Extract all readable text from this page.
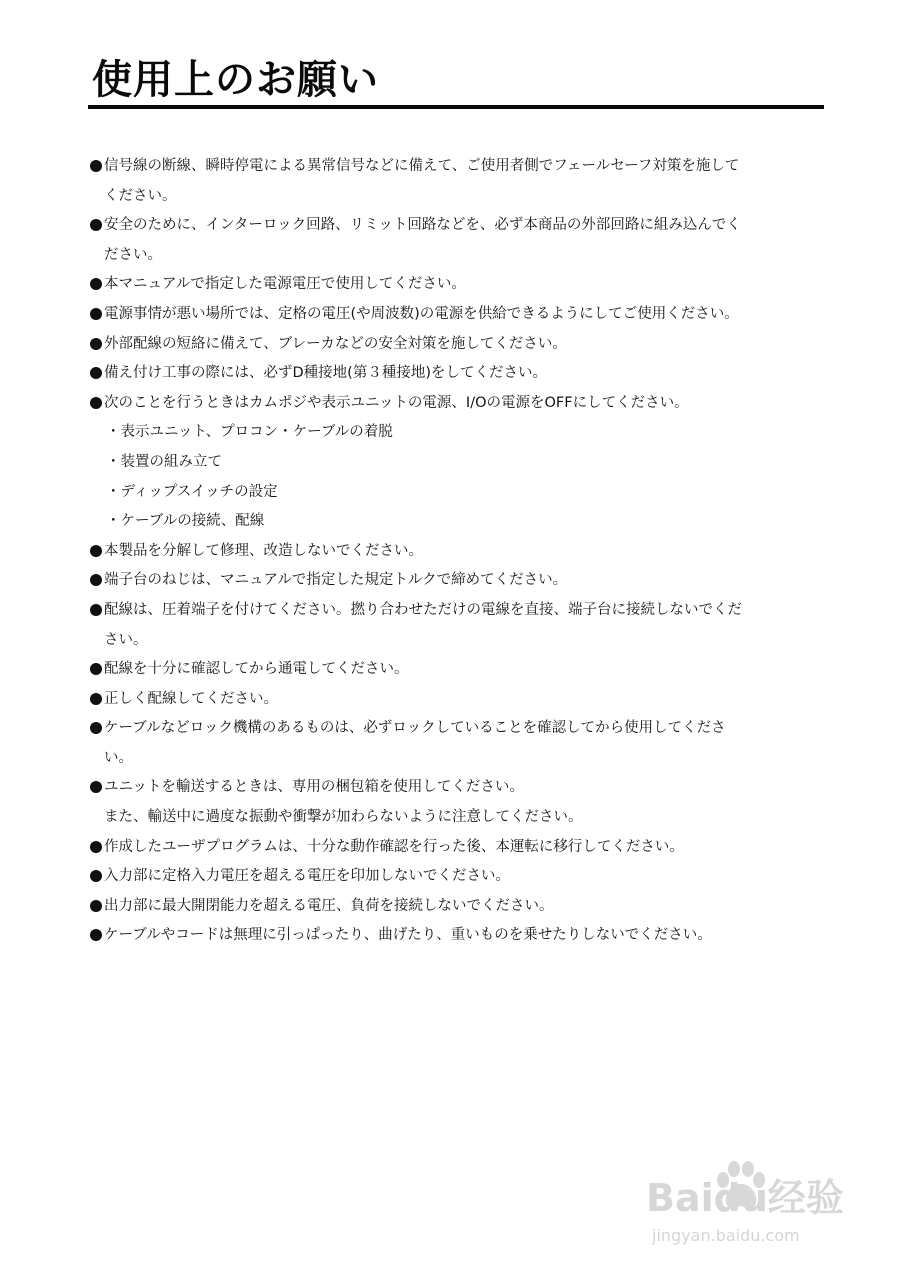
使用上のお願い
信号線の断線、瞬時停電による異常信号などに備えて、ご使用者側でフェールセーフ対策を施して
ください。
安全のために、インターロック回路、リミット回路などを、必ず本商品の外部回路に組み込んでく
ださい。
本マニュアルで指定した電源電圧で使用してください。
電源事情が悪い場所では、定格の電圧(や周波数)の電源を供給できるようにしてご使用ください。
外部配線の短絡に備えて、ブレーカなどの安全対策を施してください。
備え付け工事の際には、必ずD種接地(第３種接地)をしてください。
次のことを行うときはカムポジや表示ユニットの電源、I/Oの電源をOFFにしてください。
・表示ユニット、プロコン・ケーブルの着脱
・装置の組み立て
・ディップスイッチの設定
・ケーブルの接続、配線
本製品を分解して修理、改造しないでください。
端子台のねじは、マニュアルで指定した規定トルクで締めてください。
配線は、圧着端子を付けてください。撚り合わせただけの電線を直接、端子台に接続しないでくだ
さい。
配線を十分に確認してから通電してください。
正しく配線してください。
ケーブルなどロック機構のあるものは、必ずロックしていることを確認してから使用してくださ
い。
ユニットを輸送するときは、専用の梱包箱を使用してください。
また、輸送中に過度な振動や衝撃が加わらないように注意してください。
作成したユーザプログラムは、十分な動作確認を行った後、本運転に移行してください。
入力部に定格入力電圧を超える電圧を印加しないでください。
出力部に最大開閉能力を超える電圧、負荷を接続しないでください。
ケーブルやコードは無理に引っぱったり、曲げたり、重いものを乗せたりしないでください。
Baidu经验
jingyan.baidu.com
